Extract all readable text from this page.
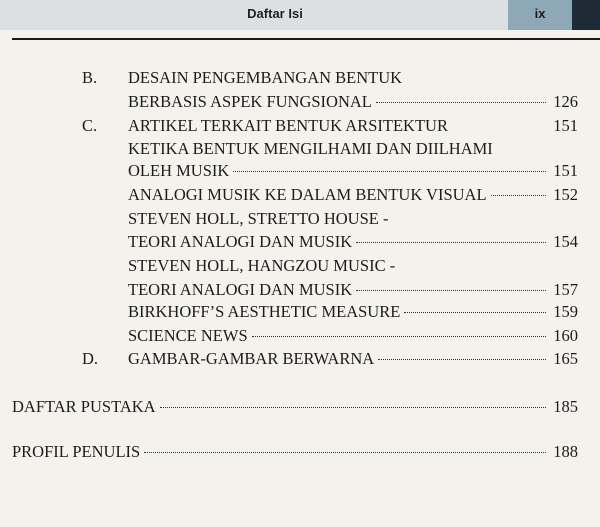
Daftar Isi	ix
B. DESAIN PENGEMBANGAN BENTUK
BERBASIS ASPEK FUNGSIONAL	126
C. ARTIKEL TERKAIT BENTUK ARSITEKTUR	151
KETIKA BENTUK MENGILHAMI DAN DIILHAMI
OLEH MUSIK	151
ANALOGI MUSIK KE DALAM BENTUK VISUAL	152
STEVEN HOLL, STRETTO HOUSE -
TEORI ANALOGI DAN MUSIK	154
STEVEN HOLL, HANGZOU MUSIC -
TEORI ANALOGI DAN MUSIK	157
BIRKHOFF’S AESTHETIC MEASURE	159
SCIENCE NEWS	160
D. GAMBAR-GAMBAR BERWARNA	165
DAFTAR PUSTAKA	185
PROFIL PENULIS	188
